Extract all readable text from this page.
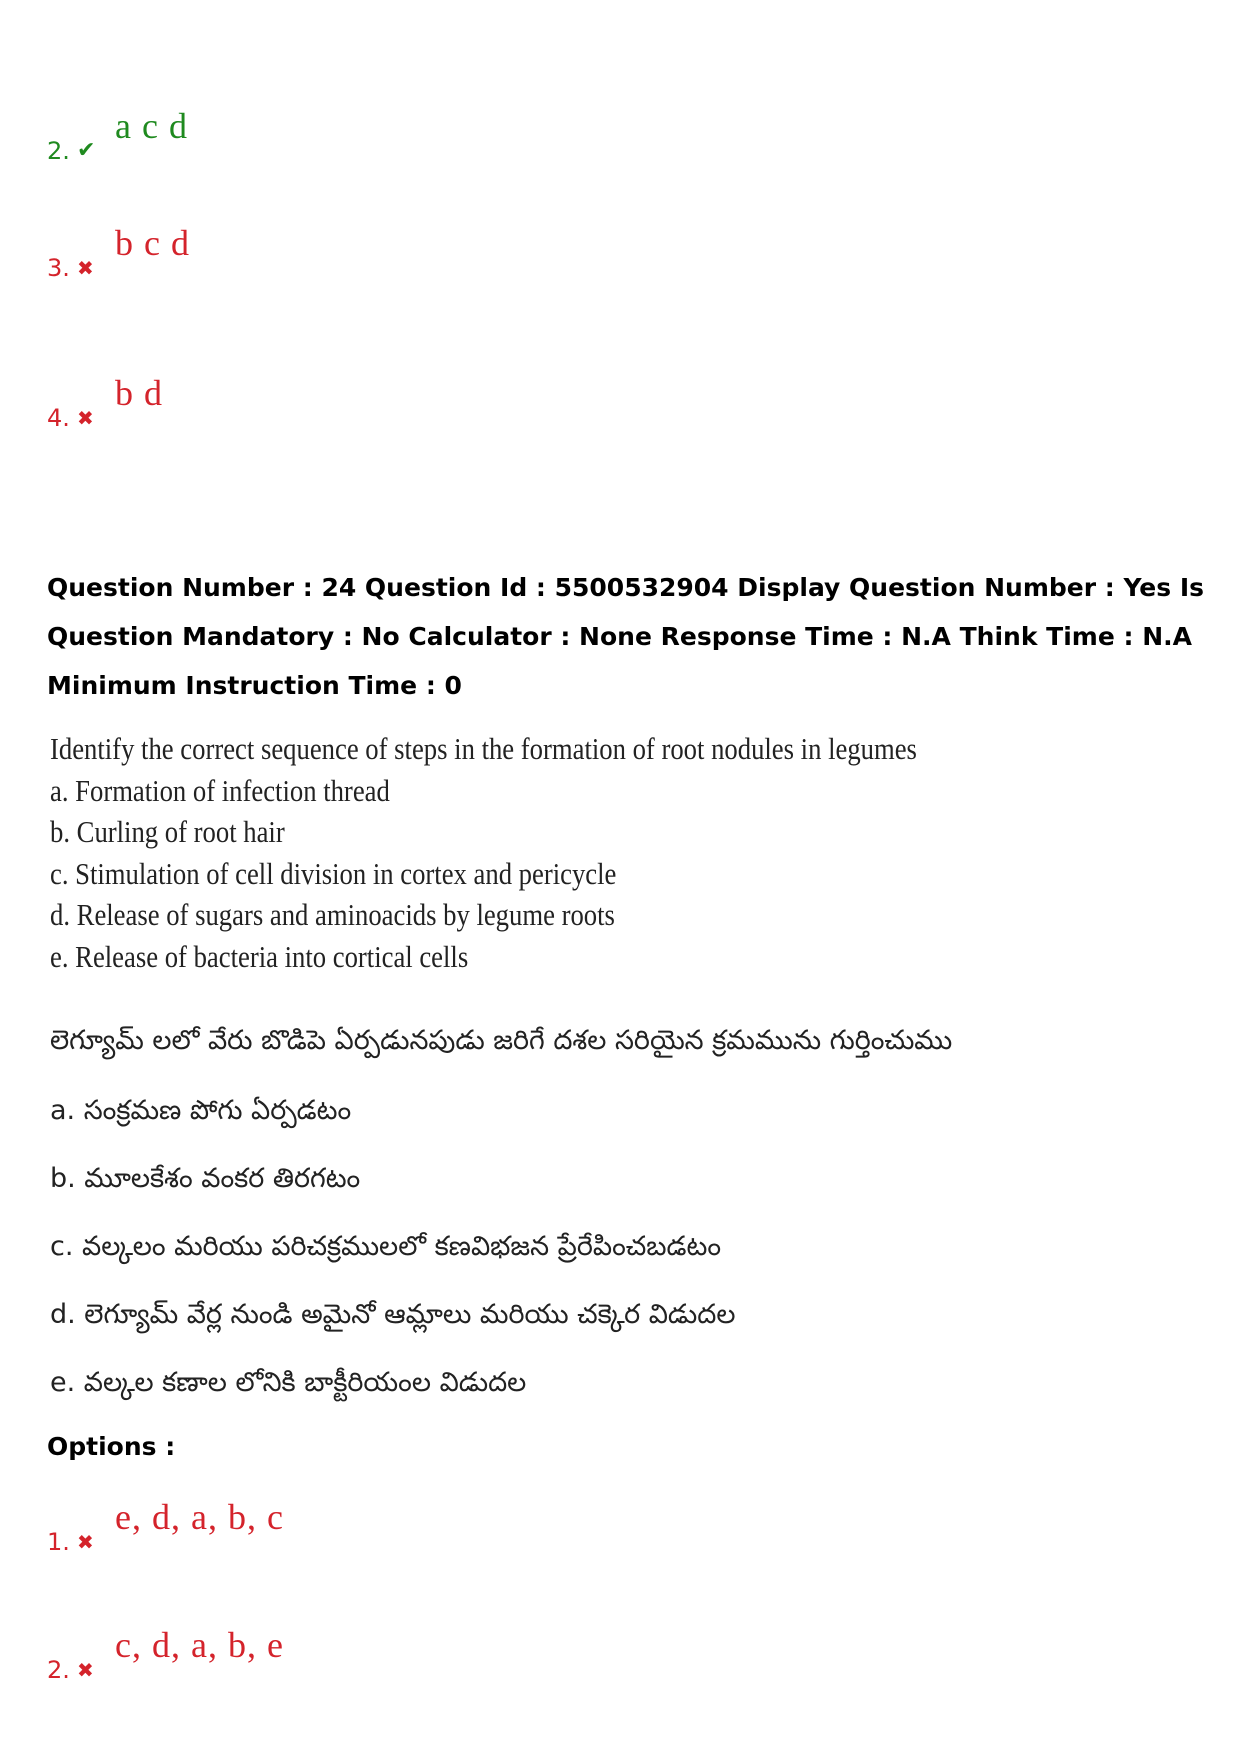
2. ✔
a c d
3. ✖
b c d
4. ✖
b d
Question Number : 24 Question Id : 5500532904 Display Question Number : Yes Is Question Mandatory : No Calculator : None Response Time : N.A Think Time : N.A Minimum Instruction Time : 0
Identify the correct sequence of steps in the formation of root nodules in legumes
a. Formation of infection thread
b. Curling of root hair
c. Stimulation of cell division in cortex and pericycle
d. Release of sugars and aminoacids by legume roots
e. Release of bacteria into cortical cells
లెగ్యూమ్ లలో వేరు బొడిపె ఏర్పడునపుడు జరిగే దశల సరియైన క్రమమును గుర్తించుము
a. సంక్రమణ పోగు ఏర్పడటం
b. మూలకేశం వంకర తిరగటం
c. వల్కలం మరియు పరిచక్రములలో కణవిభజన ప్రేరేపించబడటం
d. లెగ్యూమ్ వేర్ల నుండి అమైనో ఆమ్లాలు మరియు చక్కెర విడుదల
e. వల్కల కణాల లోనికి బాక్టీరియంల విడుదల
Options :
1. ✖
e, d, a, b, c
2. ✖
c, d, a, b, e
